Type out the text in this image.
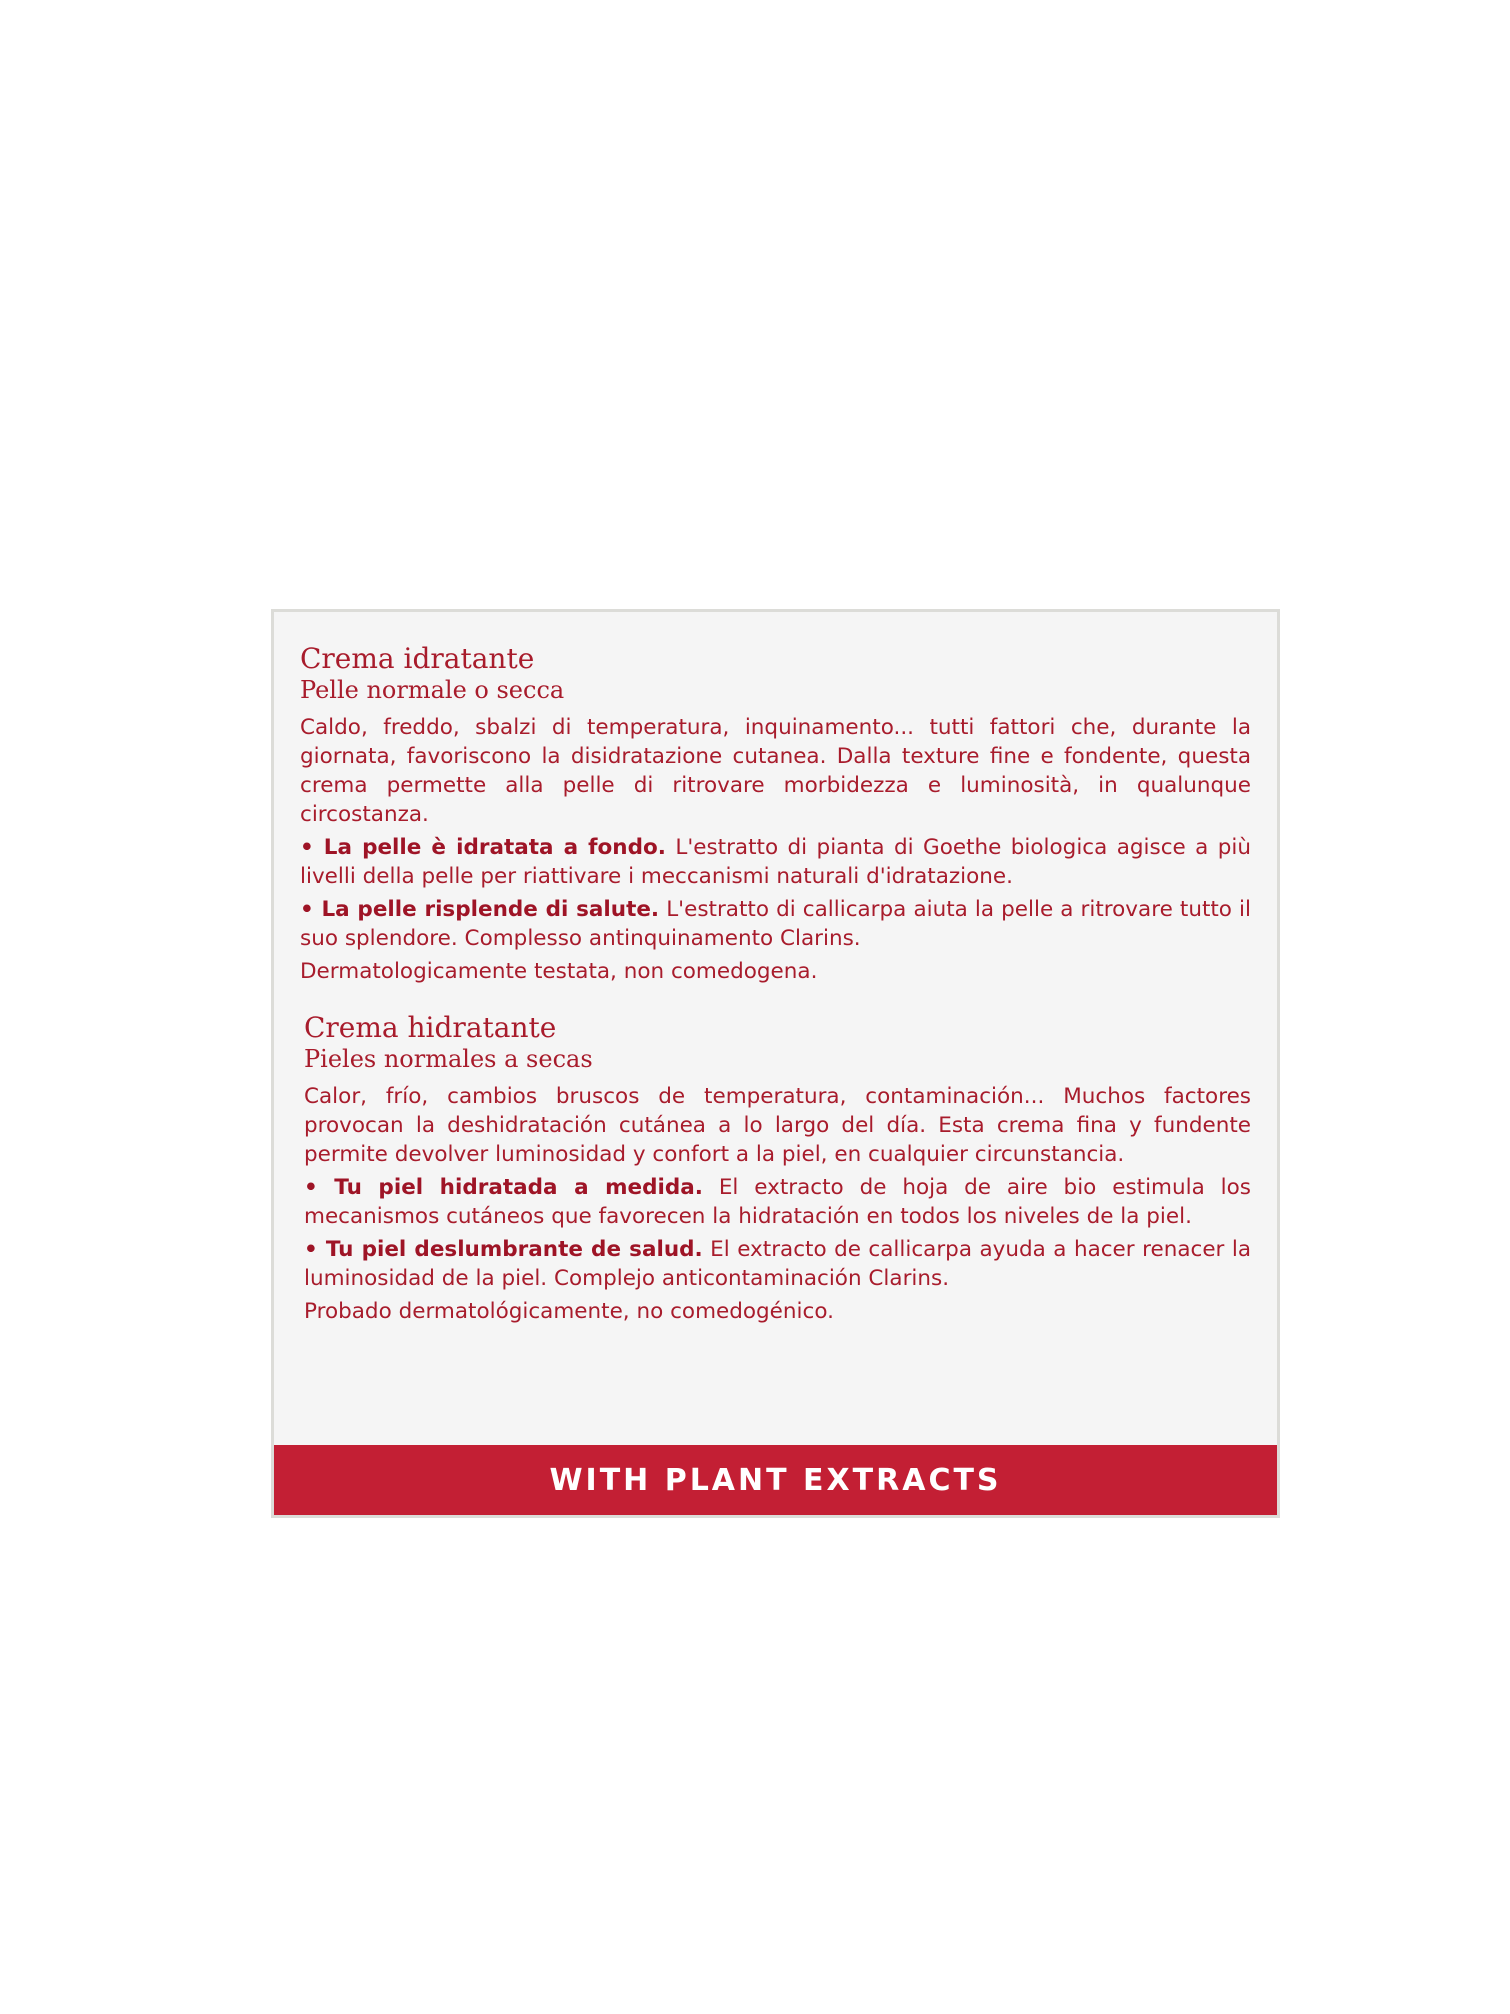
Crema idratante
Pelle normale o secca

Caldo, freddo, sbalzi di temperatura, inquinamento... tutti fattori che, durante la giornata, favoriscono la disidratazione cutanea. Dalla texture fine e fondente, questa crema permette alla pelle di ritrovare morbidezza e luminosità, in qualunque circostanza.

• La pelle è idratata a fondo. L'estratto di pianta di Goethe biologica agisce a più livelli della pelle per riattivare i meccanismi naturali d'idratazione.

• La pelle risplende di salute. L'estratto di callicarpa aiuta la pelle a ritrovare tutto il suo splendore. Complesso antinquinamento Clarins.

Dermatologicamente testata, non comedogena.

Crema hidratante
Pieles normales a secas

Calor, frío, cambios bruscos de temperatura, contaminación... Muchos factores provocan la deshidratación cutánea a lo largo del día. Esta crema fina y fundente permite devolver luminosidad y confort a la piel, en cualquier circunstancia.

• Tu piel hidratada a medida. El extracto de hoja de aire bio estimula los mecanismos cutáneos que favorecen la hidratación en todos los niveles de la piel.

• Tu piel deslumbrante de salud. El extracto de callicarpa ayuda a hacer renacer la luminosidad de la piel. Complejo anticontaminación Clarins.

Probado dermatológicamente, no comedogénico.

WITH PLANT EXTRACTS
